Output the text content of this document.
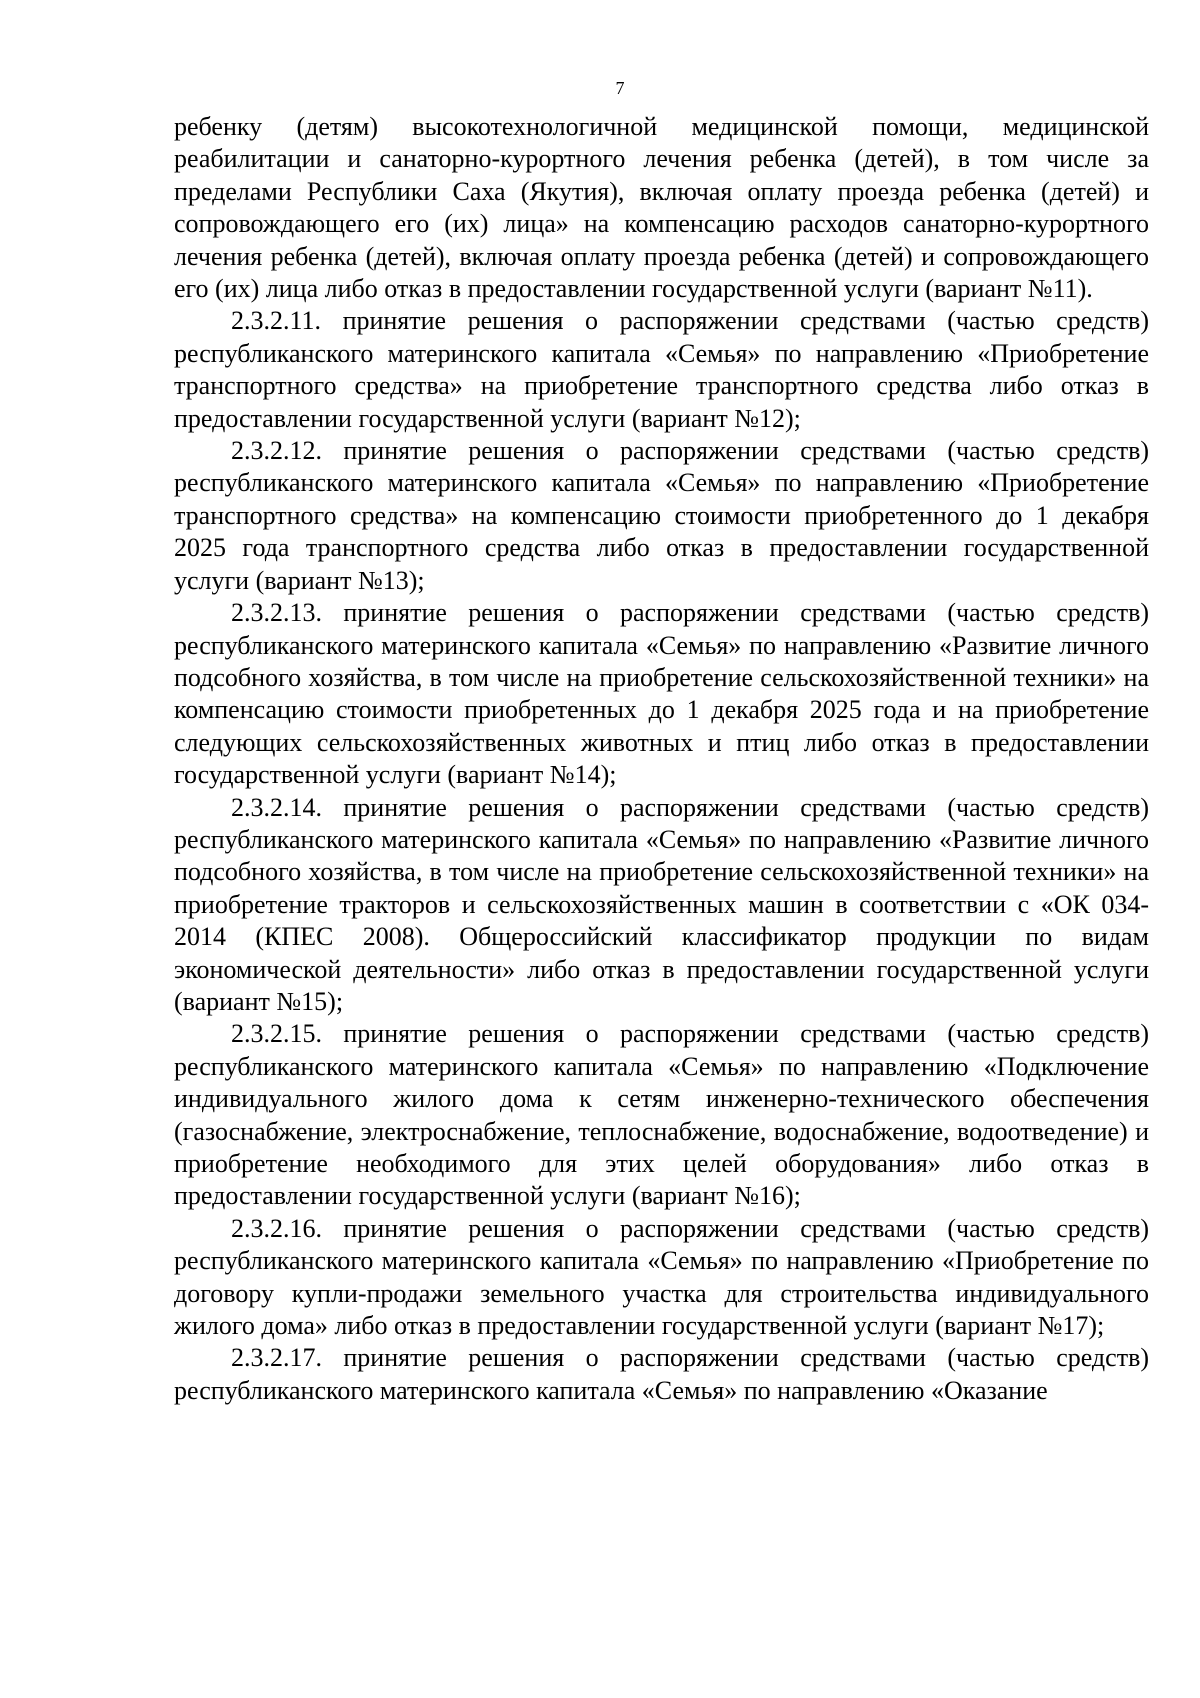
7

ребенку (детям) высокотехнологичной медицинской помощи, медицинской реабилитации и санаторно-курортного лечения ребенка (детей), в том числе за пределами Республики Саха (Якутия), включая оплату проезда ребенка (детей) и сопровождающего его (их) лица» на компенсацию расходов санаторно-курортного лечения ребенка (детей), включая оплату проезда ребенка (детей) и сопровождающего его (их) лица либо отказ в предоставлении государственной услуги (вариант №11).

2.3.2.11. принятие решения о распоряжении средствами (частью средств) республиканского материнского капитала «Семья» по направлению «Приобретение транспортного средства» на приобретение транспортного средства либо отказ в предоставлении государственной услуги (вариант №12);

2.3.2.12. принятие решения о распоряжении средствами (частью средств) республиканского материнского капитала «Семья» по направлению «Приобретение транспортного средства» на компенсацию стоимости приобретенного до 1 декабря 2025 года транспортного средства либо отказ в предоставлении государственной услуги (вариант №13);

2.3.2.13. принятие решения о распоряжении средствами (частью средств) республиканского материнского капитала «Семья» по направлению «Развитие личного подсобного хозяйства, в том числе на приобретение сельскохозяйственной техники» на компенсацию стоимости приобретенных до 1 декабря 2025 года и на приобретение следующих сельскохозяйственных животных и птиц либо отказ в предоставлении государственной услуги (вариант №14);

2.3.2.14. принятие решения о распоряжении средствами (частью средств) республиканского материнского капитала «Семья» по направлению «Развитие личного подсобного хозяйства, в том числе на приобретение сельскохозяйственной техники» на приобретение тракторов и сельскохозяйственных машин в соответствии с «ОК 034-2014 (КПЕС 2008). Общероссийский классификатор продукции по видам экономической деятельности» либо отказ в предоставлении государственной услуги (вариант №15);

2.3.2.15. принятие решения о распоряжении средствами (частью средств) республиканского материнского капитала «Семья» по направлению «Подключение индивидуального жилого дома к сетям инженерно-технического обеспечения (газоснабжение, электроснабжение, теплоснабжение, водоснабжение, водоотведение) и приобретение необходимого для этих целей оборудования» либо отказ в предоставлении государственной услуги (вариант №16);

2.3.2.16. принятие решения о распоряжении средствами (частью средств) республиканского материнского капитала «Семья» по направлению «Приобретение по договору купли-продажи земельного участка для строительства индивидуального жилого дома» либо отказ в предоставлении государственной услуги (вариант №17);

2.3.2.17. принятие решения о распоряжении средствами (частью средств) республиканского материнского капитала «Семья» по направлению «Оказание
